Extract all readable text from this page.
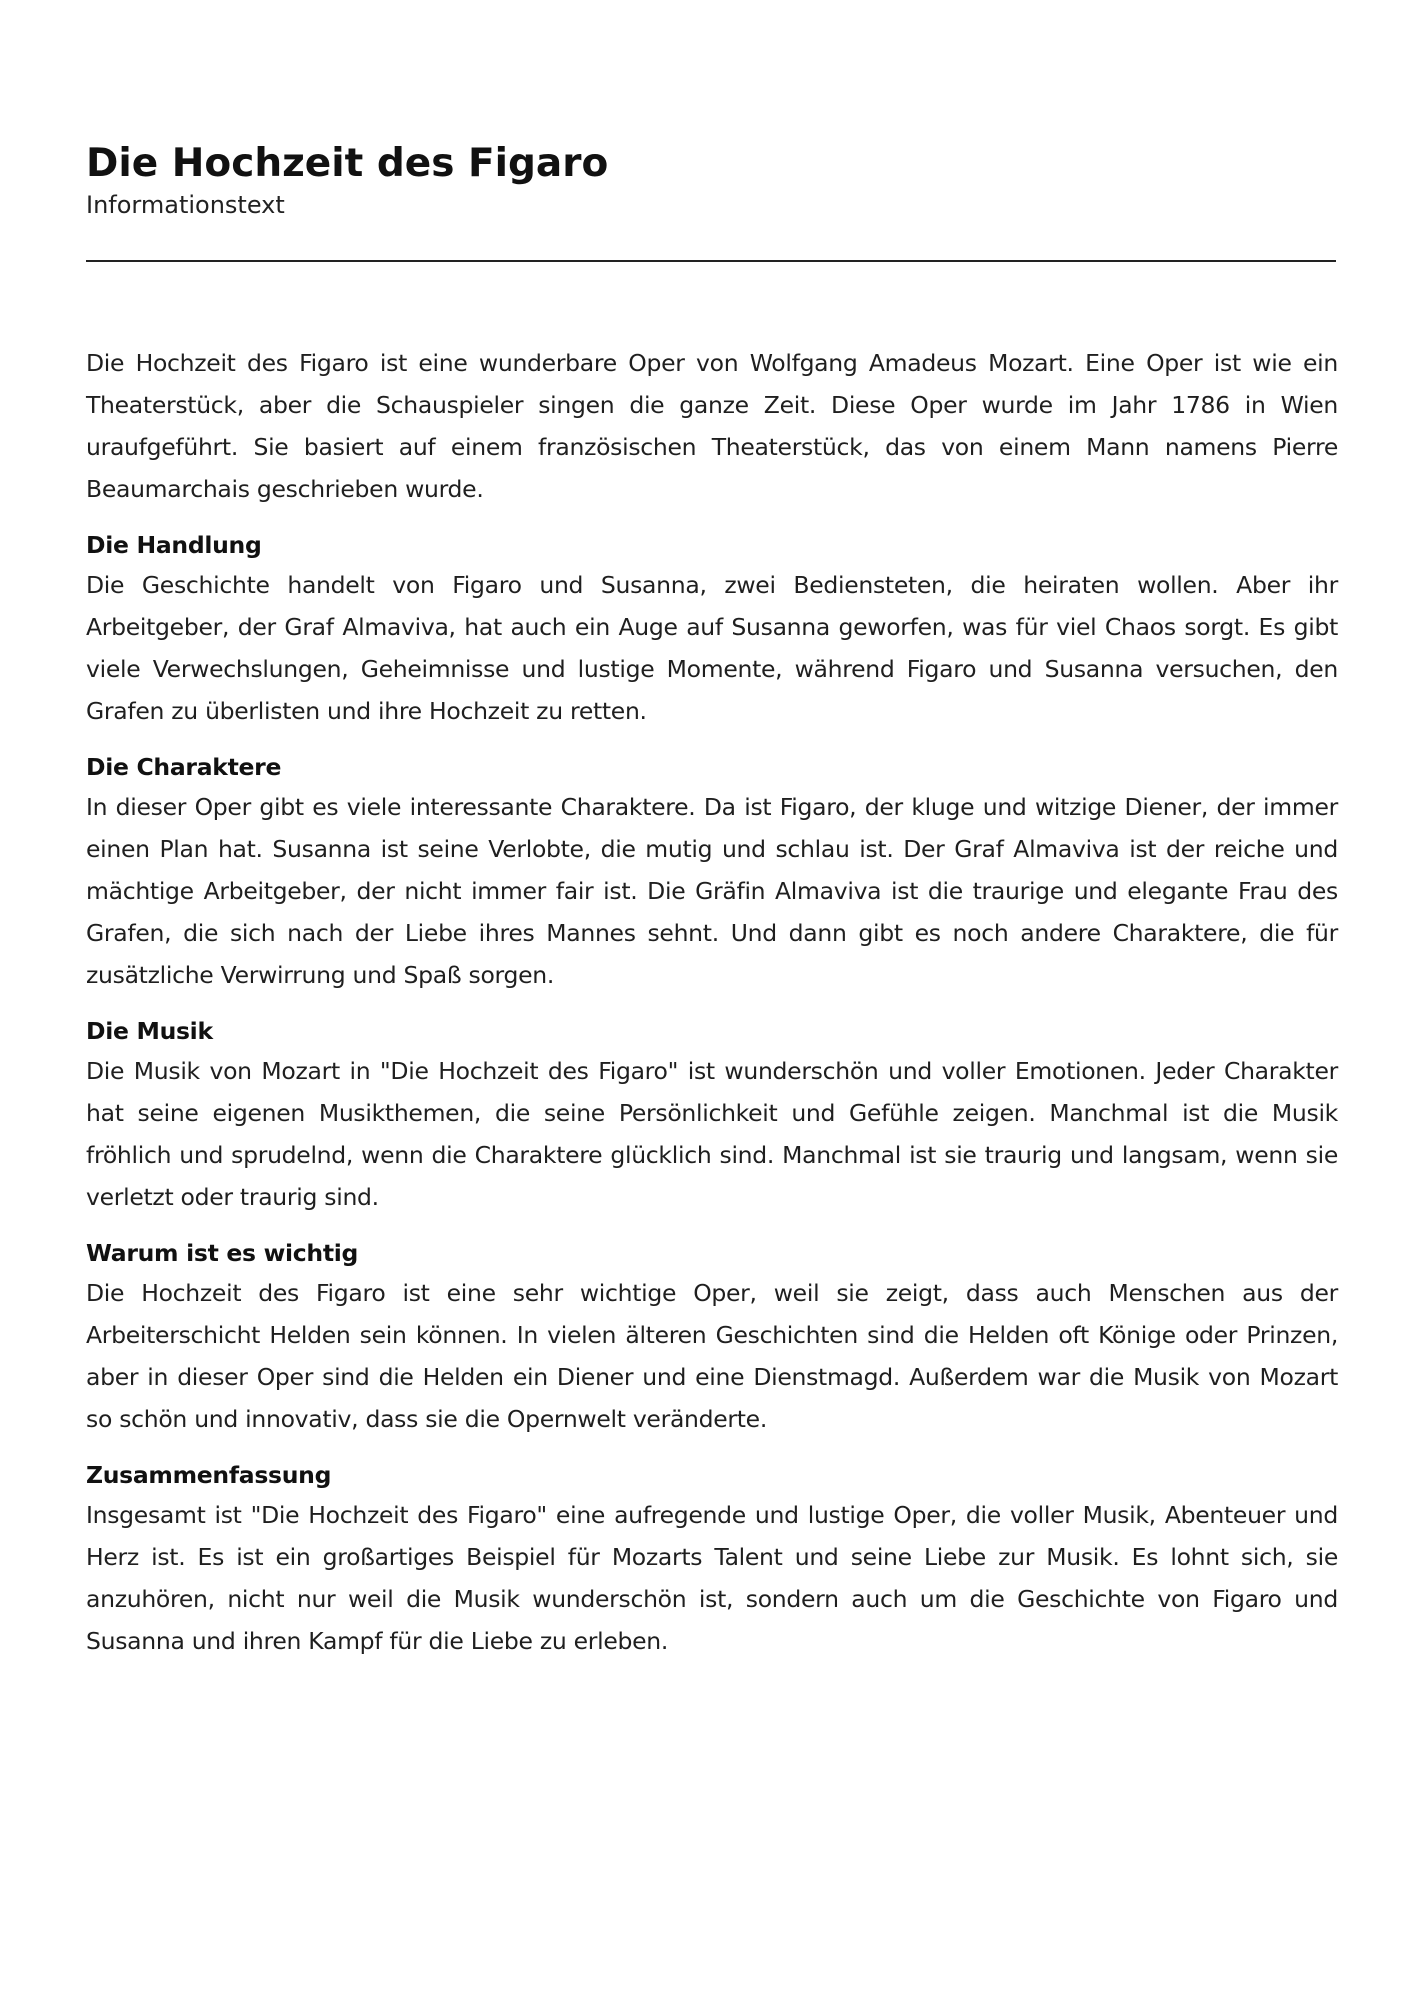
Die Hochzeit des Figaro
Informationstext

Die Hochzeit des Figaro ist eine wunderbare Oper von Wolfgang Amadeus Mozart. Eine Oper ist wie ein Theaterstück, aber die Schauspieler singen die ganze Zeit. Diese Oper wurde im Jahr 1786 in Wien uraufgeführt. Sie basiert auf einem französischen Theaterstück, das von einem Mann namens Pierre Beaumarchais geschrieben wurde.

Die Handlung

Die Geschichte handelt von Figaro und Susanna, zwei Bediensteten, die heiraten wollen. Aber ihr Arbeitgeber, der Graf Almaviva, hat auch ein Auge auf Susanna geworfen, was für viel Chaos sorgt. Es gibt viele Verwechslungen, Geheimnisse und lustige Momente, während Figaro und Susanna versuchen, den Grafen zu überlisten und ihre Hochzeit zu retten.

Die Charaktere

In dieser Oper gibt es viele interessante Charaktere. Da ist Figaro, der kluge und witzige Diener, der immer einen Plan hat. Susanna ist seine Verlobte, die mutig und schlau ist. Der Graf Almaviva ist der reiche und mächtige Arbeitgeber, der nicht immer fair ist. Die Gräfin Almaviva ist die traurige und elegante Frau des Grafen, die sich nach der Liebe ihres Mannes sehnt. Und dann gibt es noch andere Charaktere, die für zusätzliche Verwirrung und Spaß sorgen.

Die Musik

Die Musik von Mozart in "Die Hochzeit des Figaro" ist wunderschön und voller Emotionen. Jeder Charakter hat seine eigenen Musikthemen, die seine Persönlichkeit und Gefühle zeigen. Manchmal ist die Musik fröhlich und sprudelnd, wenn die Charaktere glücklich sind. Manchmal ist sie traurig und langsam, wenn sie verletzt oder traurig sind.

Warum ist es wichtig

Die Hochzeit des Figaro ist eine sehr wichtige Oper, weil sie zeigt, dass auch Menschen aus der Arbeiterschicht Helden sein können. In vielen älteren Geschichten sind die Helden oft Könige oder Prinzen, aber in dieser Oper sind die Helden ein Diener und eine Dienstmagd. Außerdem war die Musik von Mozart so schön und innovativ, dass sie die Opernwelt veränderte.

Zusammenfassung

Insgesamt ist "Die Hochzeit des Figaro" eine aufregende und lustige Oper, die voller Musik, Abenteuer und Herz ist. Es ist ein großartiges Beispiel für Mozarts Talent und seine Liebe zur Musik. Es lohnt sich, sie anzuhören, nicht nur weil die Musik wunderschön ist, sondern auch um die Geschichte von Figaro und Susanna und ihren Kampf für die Liebe zu erleben.
